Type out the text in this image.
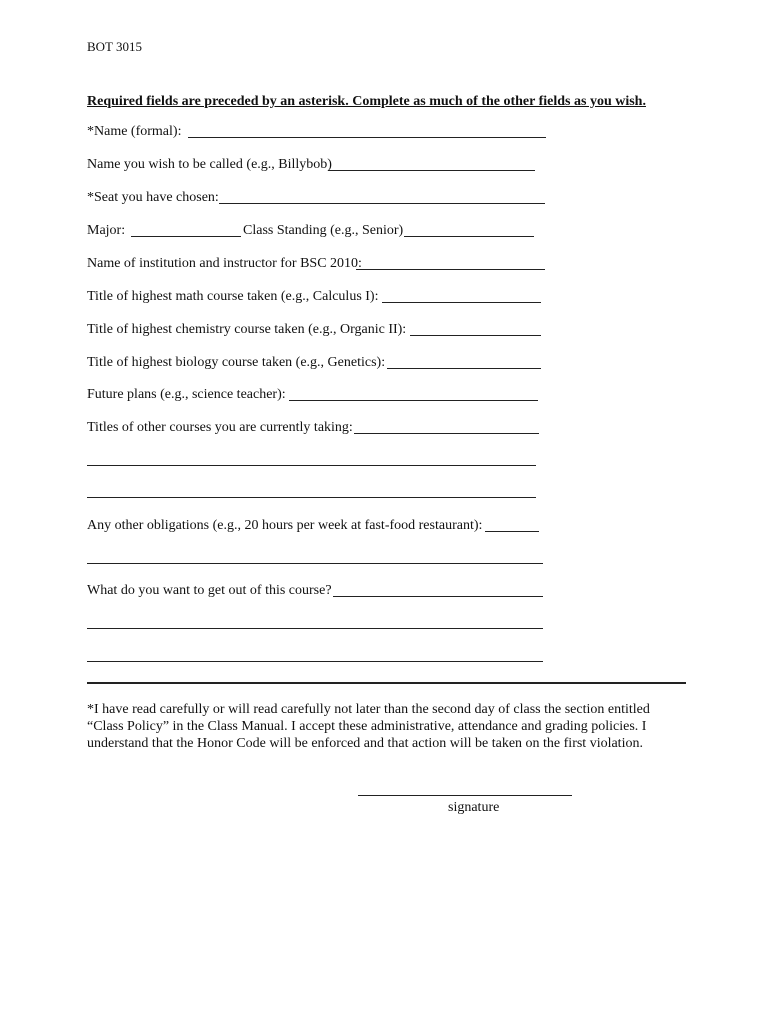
BOT 3015
Required fields are preceded by an asterisk. Complete as much of the other fields as you wish.
*Name (formal):
Name you wish to be called (e.g., Billybob)
*Seat you have chosen:
Major:	Class Standing (e.g., Senior)
Name of institution and instructor for BSC 2010:
Title of highest math course taken (e.g., Calculus I):
Title of highest chemistry course taken (e.g., Organic II):
Title of highest biology course taken (e.g., Genetics):
Future plans (e.g., science teacher):
Titles of other courses you are currently taking:
Any other obligations (e.g., 20 hours per week at fast-food restaurant):
What do you want to get out of this course?
*I have read carefully or will read carefully not later than the second day of class the section entitled “Class Policy” in the Class Manual. I accept these administrative, attendance and grading policies. I understand that the Honor Code will be enforced and that action will be taken on the first violation.
signature
